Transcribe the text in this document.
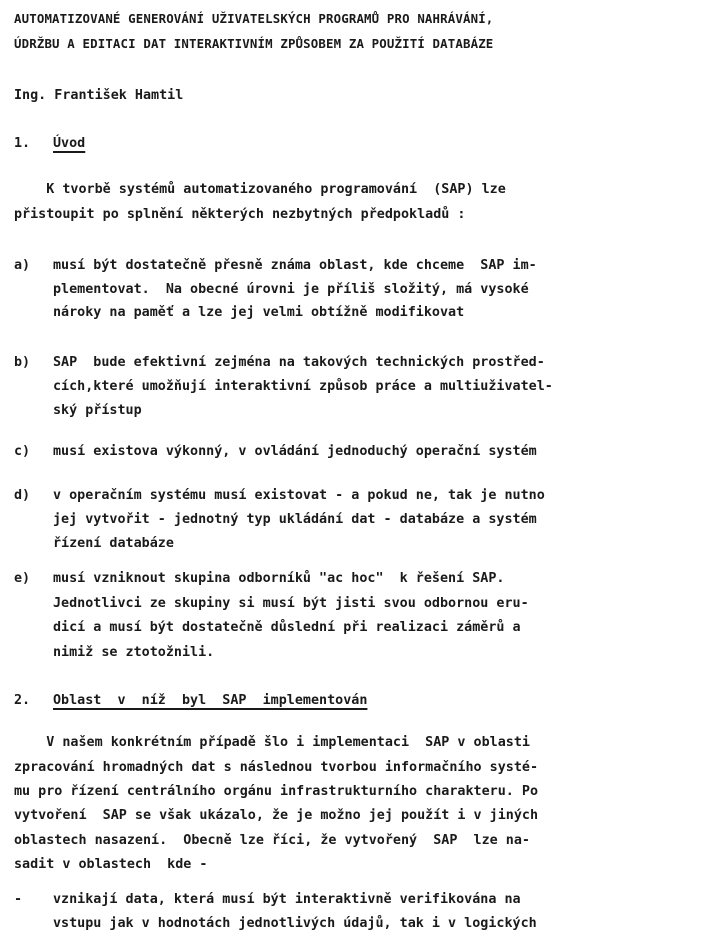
AUTOMATIZOVANÉ GENEROVÁNÍ UŽIVATELSKÝCH PROGRAMŮ PRO NAHRÁVÁNÍ,
ÚDRŽBU A EDITACI DAT INTERAKTIVNÍM ZPŮSOBEM ZA POUŽITÍ DATABÁZE
Ing. František Hamtil
1. Úvod
K tvorbě systémů automatizovaného programování  (SAP) lze
přistoupit po splnění některých nezbytných předpokladů :
a) musí být dostatečně přesně známa oblast, kde chceme  SAP im-
plementovat.  Na obecné úrovni je příliš složitý, má vysoké
nároky na paměť a lze jej velmi obtížně modifikovat
b) SAP  bude efektivní zejména na takových technických prostřed-
cích,které umožňují interaktivní způsob práce a multiuživatel-
ský přístup
c) musí existova výkonný, v ovládání jednoduchý operační systém
d) v operačním systému musí existovat - a pokud ne, tak je nutno
jej vytvořit - jednotný typ ukládání dat - databáze a systém
řízení databáze
e) musí vzniknout skupina odborníků "ac hoc"  k řešení SAP.
Jednotlivci ze skupiny si musí být jisti svou odbornou eru-
dicí a musí být dostatečně důslední při realizaci záměrů a
nimiž se ztotožnili.
2. Oblast  v  níž  byl  SAP  implementován
V našem konkrétním případě šlo i implementaci  SAP v oblasti
zpracování hromadných dat s následnou tvorbou informačního systé-
mu pro řízení centrálního orgánu infrastrukturního charakteru. Po
vytvoření  SAP se však ukázalo, že je možno jej použít i v jiných
oblastech nasazení.  Obecně lze říci, že vytvořený  SAP  lze na-
sadit v oblastech  kde -
- vznikají data, která musí být interaktivně verifikována na
vstupu jak v hodnotách jednotlivých údajů, tak i v logických
